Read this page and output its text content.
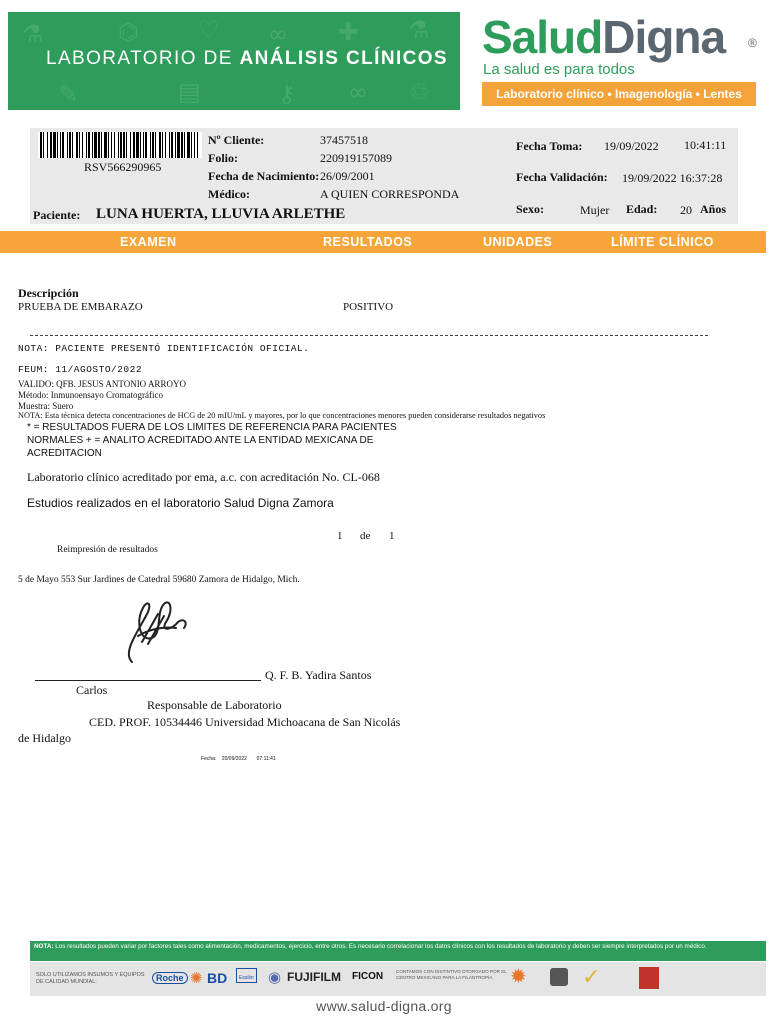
⚗	⌬ ♡ ∞ ✚ ⚗
✎	▤	⚷ ∞ ♲
LABORATORIO DE ANÁLISIS CLÍNICOS SaludDigna ®
La salud es para todos
Laboratorio clínico • Imagenología • Lentes
RSV566290965
Nº Cliente:	37457518
Folio:	220919157089
Fecha de Nacimiento: 26/09/2001
Médico:	A QUIEN CORRESPONDA
Paciente: LUNA HUERTA, LLUVIA ARLETHE
Fecha Toma: 19/09/2022 10:41:11
Fecha Validación: 19/09/2022 16:37:28
Sexo:	Mujer Edad: 20 Años
EXAMEN	RESULTADOS	UNIDADES	LÍMITE CLÍNICO
Descripción
PRUEBA DE EMBARAZO	POSITIVO
NOTA: PACIENTE PRESENTÓ IDENTIFICACIÓN OFICIAL.
FEUM: 11/AGOSTO/2022
VALIDO: QFB. JESUS ANTONIO ARROYO
Método: Inmunoensayo Cromatográfico
Muestra: Suero
NOTA: Esta técnica detecta concentraciones de HCG de 20 mIU/mL y mayores, por lo que concentraciones menores pueden considerarse resultados negativos
* = RESULTADOS FUERA DE LOS LIMITES DE REFERENCIA PARA PACIENTES
NORMALES + = ANALITO ACREDITADO ANTE LA ENTIDAD MEXICANA DE
ACREDITACION
Laboratorio clínico acreditado por ema, a.c. con acreditación No. CL-068
Estudios realizados en el laboratorio Salud Digna Zamora
1 de 1
Reimpresión de resultados
5 de Mayo 553 Sur Jardines de Catedral 59680 Zamora de Hidalgo, Mich.
Q. F. B. Yadira Santos
Carlos
Responsable de Laboratorio
CED. PROF. 10534446 Universidad Michoacana de San Nicolás
de Hidalgo
Fecha: 20/09/2022 07:11:41
NOTA: Los resultados pueden variar por factores tales como alimentación, medicamentos, ejercicio, entre otros. Es necesario correlacionar los datos clínicos con los resultados de laboratorio y deben ser siempre interpretados por un médico.
SOLO UTILIZAMOS INSUMOS Y EQUIPOS DE CALIDAD MUNDIAL:	Roche ✺ BD	Essilor ◉ FUJIFILM FICON	CONTAMOS CON DISTINTIVO OTORGADO POR EL CENTRO MEXICANO PARA LA FILANTROPÍA ✹	✓
www.salud-digna.org
